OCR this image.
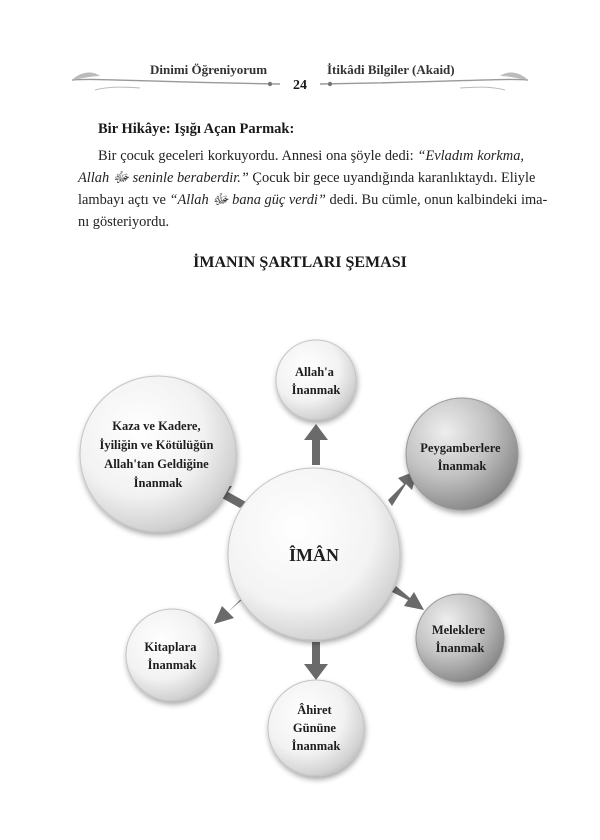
Dinimi Öğreniyorum	İtikâdi Bilgiler (Akaid)
24
Bir Hikâye: Işığı Açan Parmak:
Bir çocuk geceleri korkuyordu. Annesi ona şöyle dedi: “Evladım korkma,
Allah ﷻ seninle beraberdir.” Çocuk bir gece uyandığında karanlıktaydı. Eliyle
lambayı açtı ve “Allah ﷻ bana güç verdi” dedi. Bu cümle, onun kalbindeki ima-
nı gösteriyordu.
İMANIN ŞARTLARI ŞEMASI
ÎMÂN
Allah'a İnanmak
Peygamberlere İnanmak
Meleklere İnanmak
Âhiret Gününe İnanmak
Kitaplara İnanmak
Kaza ve Kadere, İyiliğin ve Kötülüğün Allah'tan Geldiğine İnanmak
